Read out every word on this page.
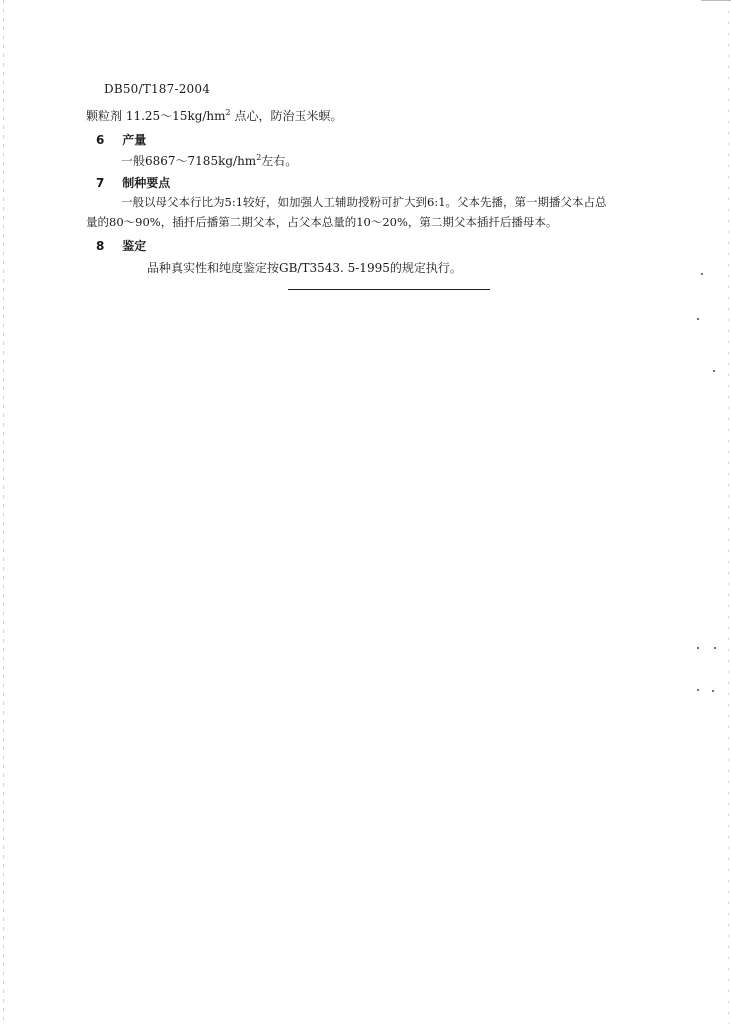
DB50/T187-2004
颗粒剂 $11.25\sim 15kg/hm^2$ 点心，防治玉米螟。
6 产量
一般$6867\sim 7185kg/hm^2$左右。
7 制种要点
一般以母父本行比为5:1较好，如加强人工辅助授粉可扩大到6:1。父本先播，第一期播父本占总
量的80～90%，插扦后播第二期父本，占父本总量的10～20%，第二期父本插扦后播母本。
8 鉴定
品种真实性和纯度鉴定按GB/T3543. 5-1995的规定执行。
